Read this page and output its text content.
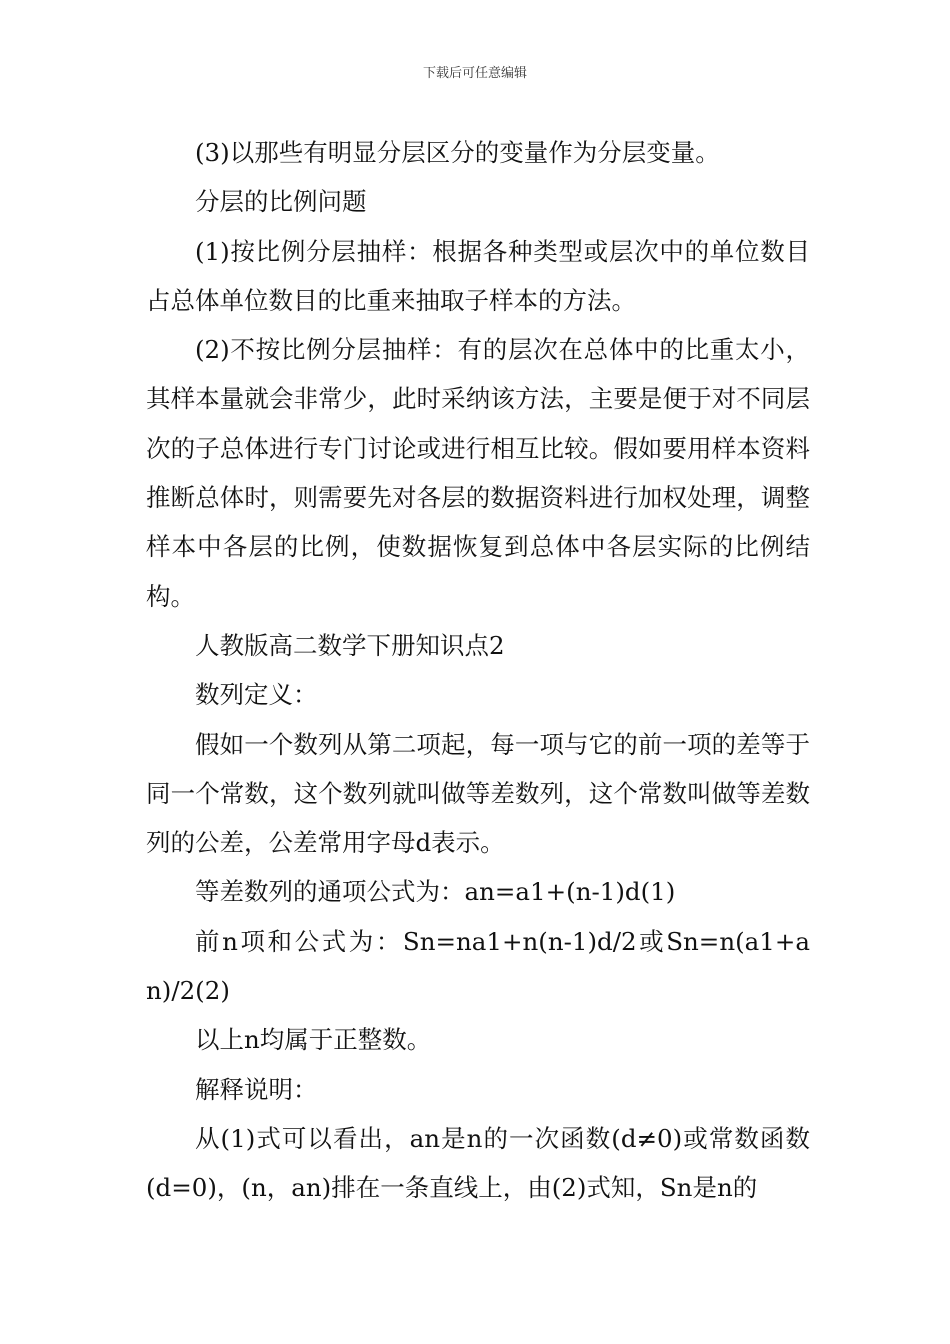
下载后可任意编辑

(3)以那些有明显分层区分的变量作为分层变量。

分层的比例问题

(1)按比例分层抽样：根据各种类型或层次中的单位数目占总体单位数目的比重来抽取子样本的方法。

(2)不按比例分层抽样：有的层次在总体中的比重太小，其样本量就会非常少，此时采纳该方法，主要是便于对不同层次的子总体进行专门讨论或进行相互比较。假如要用样本资料推断总体时，则需要先对各层的数据资料进行加权处理，调整样本中各层的比例，使数据恢复到总体中各层实际的比例结构。

人教版高二数学下册知识点2

数列定义：

假如一个数列从第二项起，每一项与它的前一项的差等于同一个常数，这个数列就叫做等差数列，这个常数叫做等差数列的公差，公差常用字母d表示。

等差数列的通项公式为：an=a1+(n-1)d(1)

前n项和公式为：Sn=na1+n(n-1)d/2或Sn=n(a1+an)/2(2)

以上n均属于正整数。

解释说明：

从(1)式可以看出，an是n的一次函数(d≠0)或常数函数(d=0)，(n，an)排在一条直线上，由(2)式知，Sn是n的
